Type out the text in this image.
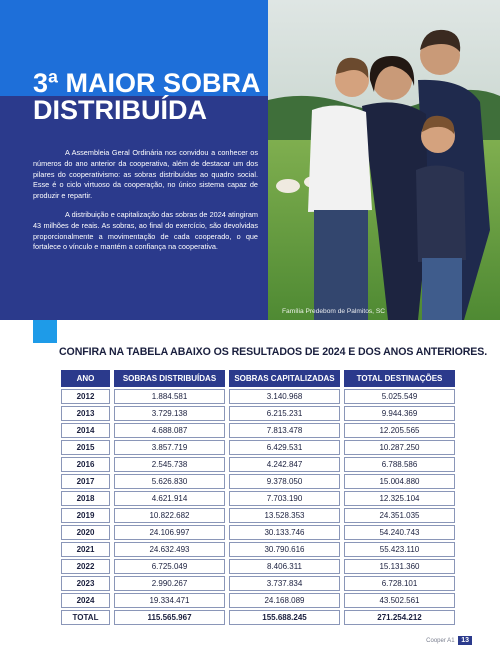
3ª MAIOR SOBRA
DISTRIBUÍDA

A Assembleia Geral Ordinária nos convidou a conhecer os números do ano anterior da cooperativa, além de destacar um dos pilares do cooperativismo: as sobras distribuídas ao quadro social. Esse é o ciclo virtuoso da cooperação, no único sistema capaz de produzir e repartir.

A distribuição e capitalização das sobras de 2024 atingiram 43 milhões de reais. As sobras, ao final do exercício, são devolvidas proporcionalmente a movimentação de cada cooperado, o que fortalece o vínculo e mantém a confiança na cooperativa.

Família Predebom de Palmitos, SC
CONFIRA NA TABELA ABAIXO OS RESULTADOS DE 2024 E DOS ANOS ANTERIORES.
ANO	SOBRAS DISTRIBUÍDAS	SOBRAS CAPITALIZADAS	TOTAL DESTINAÇÕES
2012	1.884.581	3.140.968	5.025.549
2013	3.729.138	6.215.231	9.944.369
2014	4.688.087	7.813.478	12.205.565
2015	3.857.719	6.429.531	10.287.250
2016	2.545.738	4.242.847	6.788.586
2017	5.626.830	9.378.050	15.004.880
2018	4.621.914	7.703.190	12.325.104
2019	10.822.682	13.528.353	24.351.035
2020	24.106.997	30.133.746	54.240.743
2021	24.632.493	30.790.616	55.423.110
2022	6.725.049	8.406.311	15.131.360
2023	2.990.267	3.737.834	6.728.101
2024	19.334.471	24.168.089	43.502.561
TOTAL	115.565.967	155.688.245	271.254.212
Cooper A1 13
